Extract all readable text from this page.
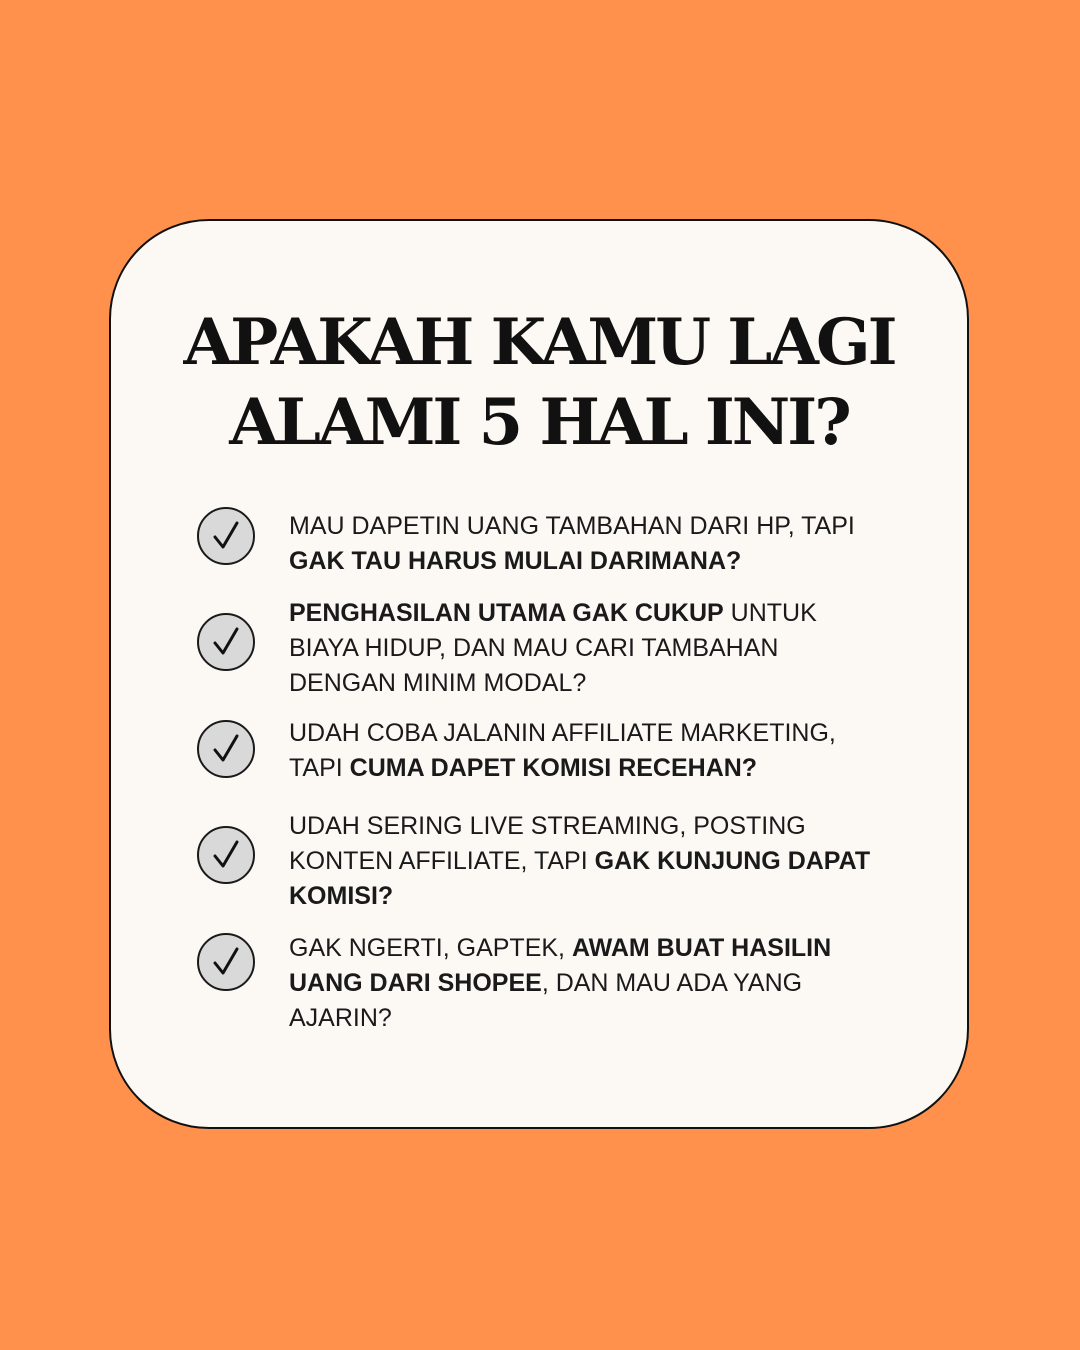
APAKAH KAMU LAGI
ALAMI 5 HAL INI?

MAU DAPETIN UANG TAMBAHAN DARI HP, TAPI GAK TAU HARUS MULAI DARIMANA?

PENGHASILAN UTAMA GAK CUKUP UNTUK BIAYA HIDUP, DAN MAU CARI TAMBAHAN DENGAN MINIM MODAL?

UDAH COBA JALANIN AFFILIATE MARKETING, TAPI CUMA DAPET KOMISI RECEHAN?

UDAH SERING LIVE STREAMING, POSTING KONTEN AFFILIATE, TAPI GAK KUNJUNG DAPAT KOMISI?

GAK NGERTI, GAPTEK, AWAM BUAT HASILIN UANG DARI SHOPEE, DAN MAU ADA YANG AJARIN?
